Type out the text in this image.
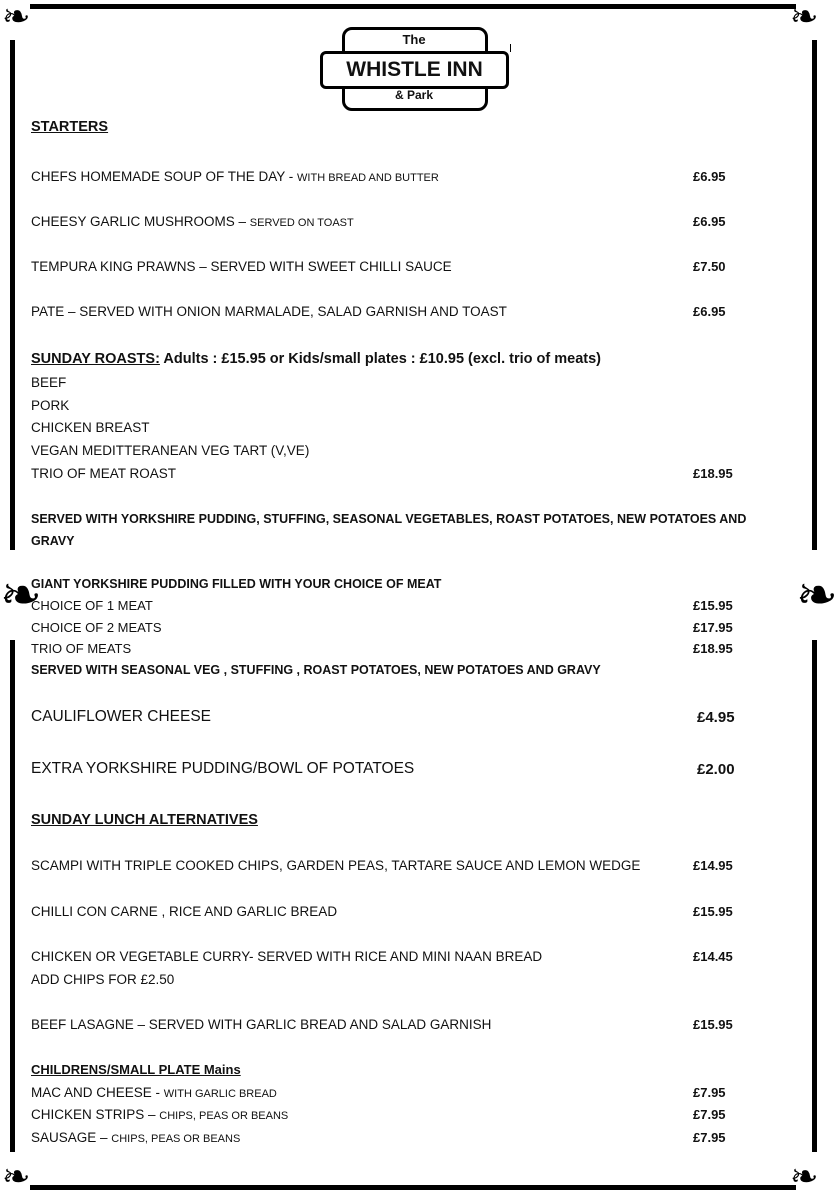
❧	❧
❧	❧
❧	❧
The
WHISTLE INN
& Park
STARTERS
CHEFS HOMEMADE SOUP OF THE DAY - WITH BREAD AND BUTTER	£6.95
CHEESY GARLIC MUSHROOMS – SERVED ON TOAST	£6.95
TEMPURA KING PRAWNS – SERVED WITH SWEET CHILLI SAUCE	£7.50
PATE – SERVED WITH ONION MARMALADE, SALAD GARNISH AND TOAST	£6.95
SUNDAY ROASTS: Adults : £15.95 or Kids/small plates : £10.95 (excl. trio of meats)
BEEF
PORK
CHICKEN BREAST
VEGAN MEDITTERANEAN VEG TART (V,VE)
TRIO OF MEAT ROAST	£18.95
SERVED WITH YORKSHIRE PUDDING, STUFFING, SEASONAL VEGETABLES, ROAST POTATOES, NEW POTATOES AND
GRAVY
GIANT YORKSHIRE PUDDING FILLED WITH YOUR CHOICE OF MEAT
CHOICE OF 1 MEAT	£15.95
CHOICE OF 2 MEATS	£17.95
TRIO OF MEATS	£18.95
SERVED WITH SEASONAL VEG , STUFFING , ROAST POTATOES, NEW POTATOES AND GRAVY
CAULIFLOWER CHEESE	£4.95
EXTRA YORKSHIRE PUDDING/BOWL OF POTATOES	£2.00
SUNDAY LUNCH ALTERNATIVES
SCAMPI WITH TRIPLE COOKED CHIPS, GARDEN PEAS, TARTARE SAUCE AND LEMON WEDGE	£14.95
CHILLI CON CARNE , RICE AND GARLIC BREAD	£15.95
CHICKEN OR VEGETABLE CURRY- SERVED WITH RICE AND MINI NAAN BREAD	£14.45
ADD CHIPS FOR £2.50
BEEF LASAGNE – SERVED WITH GARLIC BREAD AND SALAD GARNISH	£15.95
CHILDRENS/SMALL PLATE Mains
MAC AND CHEESE - WITH GARLIC BREAD	£7.95
CHICKEN STRIPS – CHIPS, PEAS OR BEANS	£7.95
SAUSAGE – CHIPS, PEAS OR BEANS	£7.95
